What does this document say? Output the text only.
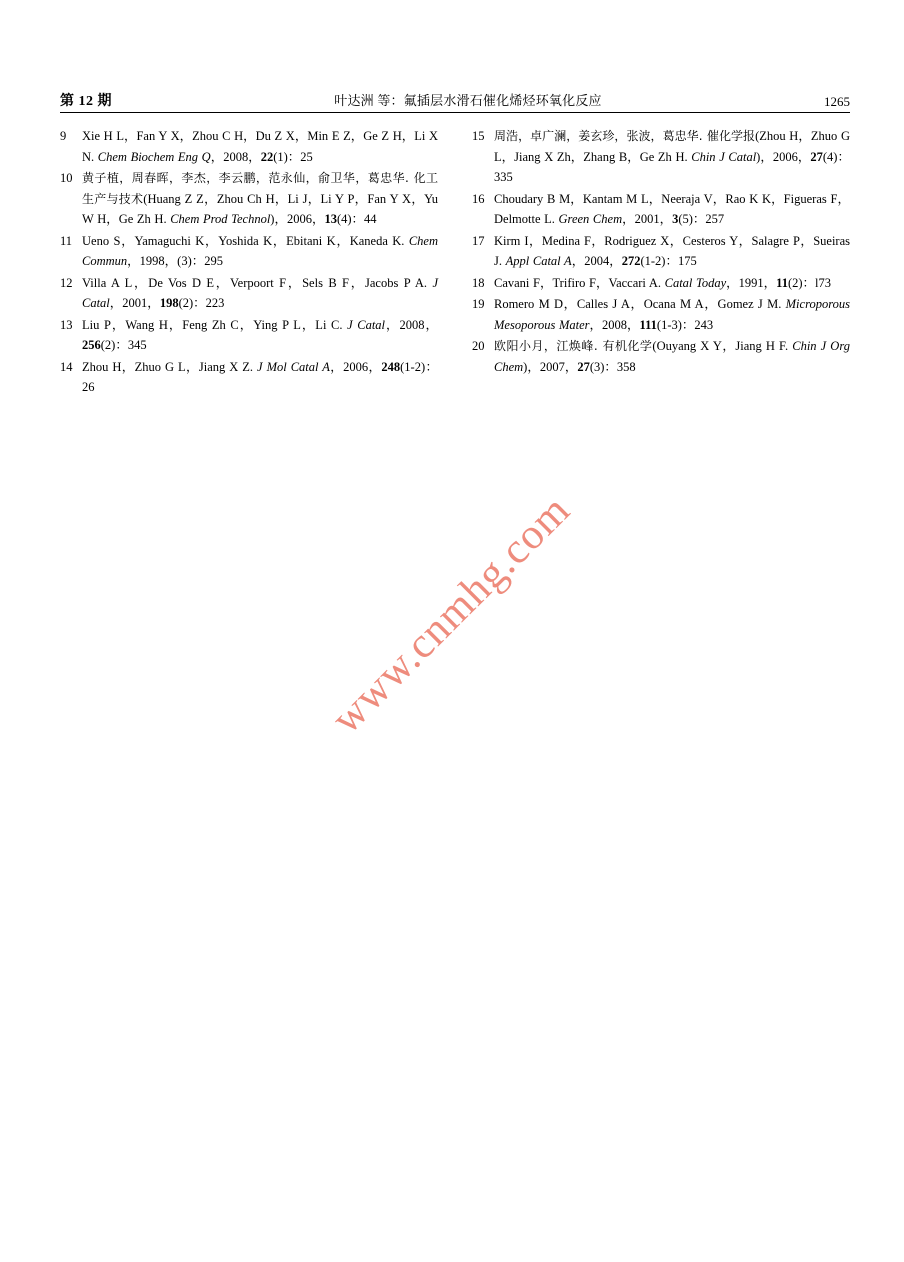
第 12 期	叶达洲 等：氟插层水滑石催化烯烃环氧化反应	1265
9	Xie H L，Fan Y X，Zhou C H，Du Z X，Min E Z，Ge Z H，Li X N. Chem Biochem Eng Q，2008，22(1)：25
10 黄子植，周春晖，李杰，李云鹏，范永仙，俞卫华，葛忠华. 化工生产与技术(Huang Z Z，Zhou Ch H，Li J，Li Y P，Fan Y X，Yu W H，Ge Zh H. Chem Prod Technol)，2006，13(4)：44
11 Ueno S，Yamaguchi K，Yoshida K，Ebitani K，Kaneda K. Chem Commun，1998，(3)：295
12 Villa A L，De Vos D E，Verpoort F，Sels B F，Jacobs P A. J Catal，2001，198(2)：223
13 Liu P，Wang H，Feng Zh C，Ying P L，Li C. J Catal，2008，256(2)：345
14 Zhou H，Zhuo G L，Jiang X Z. J Mol Catal A，2006，248(1-2)：26
15 周浩，卓广澜，姜玄珍，张波，葛忠华. 催化学报(Zhou H，Zhuo G L，Jiang X Zh，Zhang B，Ge Zh H. Chin J Catal)，2006，27(4)：335
16 Choudary B M，Kantam M L，Neeraja V，Rao K K，Figueras F，Delmotte L. Green Chem，2001，3(5)：257
17 Kirm I，Medina F，Rodriguez X，Cesteros Y，Salagre P，Sueiras J. Appl Catal A，2004，272(1-2)：175
18 Cavani F，Trifiro F，Vaccari A. Catal Today，1991，11(2)：l73
19 Romero M D，Calles J A，Ocana M A，Gomez J M. Microporous Mesoporous Mater，2008，111(1-3)：243
20 欧阳小月，江焕峰. 有机化学(Ouyang X Y，Jiang H F. Chin J Org Chem)，2007，27(3)：358
www.cnmhg.com
